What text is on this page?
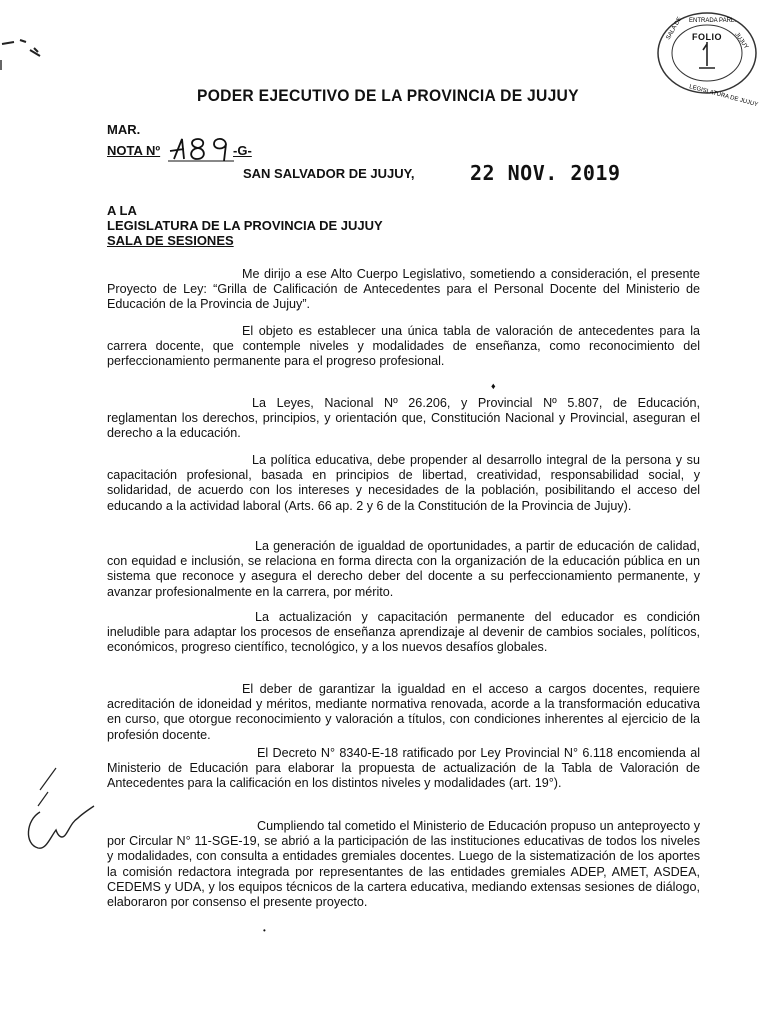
SALA DE ENTRADA PARL.
JUJUY
LEGISLATURA DE JUJUY
FOLIO
PODER EJECUTIVO DE LA PROVINCIA DE JUJUY
MAR.
NOTA Nº	-G-
SAN SALVADOR DE JUJUY,	22 NOV. 2019
A LA
LEGISLATURA DE LA PROVINCIA DE JUJUY
SALA DE SESIONES

Me dirijo a ese Alto Cuerpo Legislativo, sometiendo a consideración, el presente Proyecto de Ley: “Grilla de Calificación de Antecedentes para el Personal Docente del Ministerio de Educación de la Provincia de Jujuy”.

El objeto es establecer una única tabla de valoración de antecedentes para la carrera docente, que contemple niveles y modalidades de enseñanza, como reconocimiento del perfeccionamiento permanente para el progreso profesional.

♦

La Leyes, Nacional Nº 26.206, y Provincial Nº 5.807, de Educación, reglamentan los derechos, principios, y orientación que, Constitución Nacional y Provincial, aseguran el derecho a la educación.

La política educativa, debe propender al desarrollo integral de la persona y su capacitación profesional, basada en principios de libertad, creatividad, responsabilidad social, y solidaridad, de acuerdo con los intereses y necesidades de la población, posibilitando el acceso del educando a la actividad laboral (Arts. 66 ap. 2 y 6 de la Constitución de la Provincia de Jujuy).

La generación de igualdad de oportunidades, a partir de educación de calidad, con equidad e inclusión, se relaciona en forma directa con la organización de la educación pública en un sistema que reconoce y asegura el derecho deber del docente a su perfeccionamiento permanente, y avanzar profesionalmente en la carrera, por mérito.

La actualización y capacitación permanente del educador es condición ineludible para adaptar los procesos de enseñanza aprendizaje al devenir de cambios sociales, políticos, económicos, progreso científico, tecnológico, y a los nuevos desafíos globales.

El deber de garantizar la igualdad en el acceso a cargos docentes, requiere acreditación de idoneidad y méritos, mediante normativa renovada, acorde a la transformación educativa en curso, que otorgue reconocimiento y valoración a títulos, con condiciones inherentes al ejercicio de la profesión docente.

El Decreto N° 8340-E-18 ratificado por Ley Provincial N° 6.118 encomienda al Ministerio de Educación para elaborar la propuesta de actualización de la Tabla de Valoración de Antecedentes para la calificación en los distintos niveles y modalidades (art. 19°).

Cumpliendo tal cometido el Ministerio de Educación propuso un anteproyecto y por Circular N° 11-SGE-19, se abrió a la participación de las instituciones educativas de todos los niveles y modalidades, con consulta a entidades gremiales docentes. Luego de la sistematización de los aportes la comisión redactora integrada por representantes de las entidades gremiales ADEP, AMET, ASDEA, CEDEMS y UDA, y los equipos técnicos de la cartera educativa, mediando extensas sesiones de diálogo, elaboraron por consenso el presente proyecto.

•
